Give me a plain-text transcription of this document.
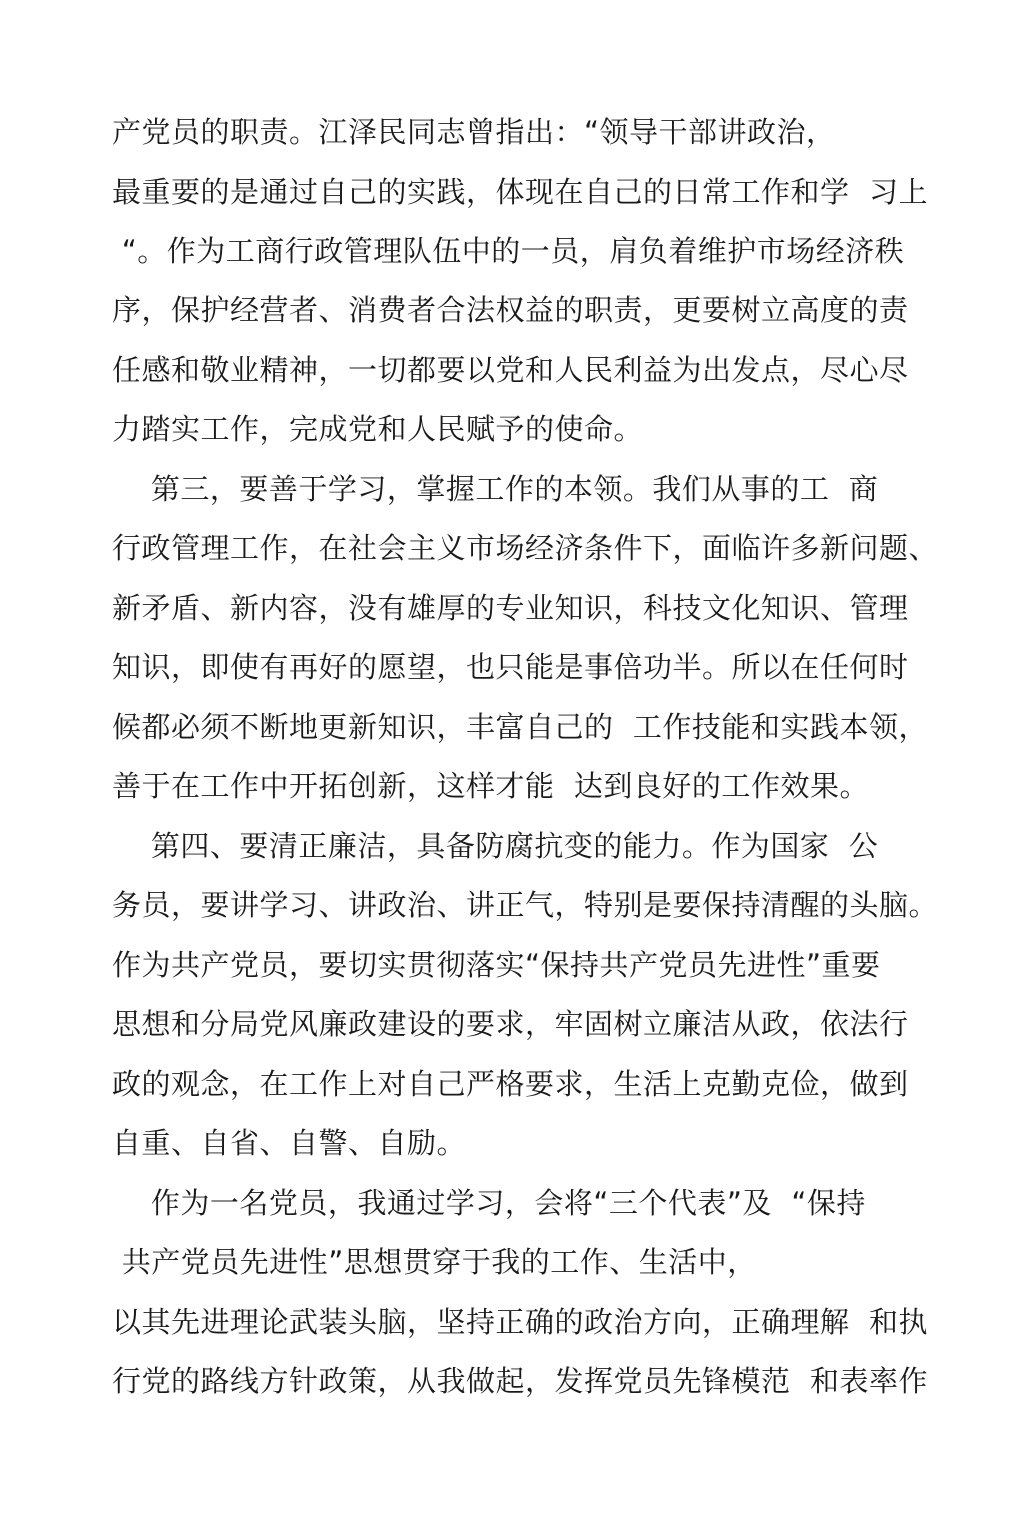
产党员的职责。江泽民同志曾指出：“领导干部讲政治，
最重要的是通过自己的实践，体现在自己的日常工作和学  习上
“。作为工商行政管理队伍中的一员，肩负着维护市场经济秩
序，保护经营者、消费者合法权益的职责，更要树立高度的责
任感和敬业精神，一切都要以党和人民利益为出发点，尽心尽
力踏实工作，完成党和人民赋予的使命。
第三，要善于学习，掌握工作的本领。我们从事的工  商
行政管理工作，在社会主义市场经济条件下，面临许多新问题、
新矛盾、新内容，没有雄厚的专业知识，科技文化知识、管理
知识，即使有再好的愿望，也只能是事倍功半。所以在任何时
候都必须不断地更新知识，丰富自己的  工作技能和实践本领，
善于在工作中开拓创新，这样才能  达到良好的工作效果。
第四、要清正廉洁，具备防腐抗变的能力。作为国家  公
务员，要讲学习、讲政治、讲正气，特别是要保持清醒的头脑。
作为共产党员，要切实贯彻落实“保持共产党员先进性”重要
思想和分局党风廉政建设的要求，牢固树立廉洁从政，依法行
政的观念，在工作上对自己严格要求，生活上克勤克俭，做到
自重、自省、自警、自励。
作为一名党员，我通过学习，会将“三个代表”及  “保持
共产党员先进性”思想贯穿于我的工作、生活中，
以其先进理论武装头脑，坚持正确的政治方向，正确理解  和执
行党的路线方针政策，从我做起，发挥党员先锋模范  和表率作
